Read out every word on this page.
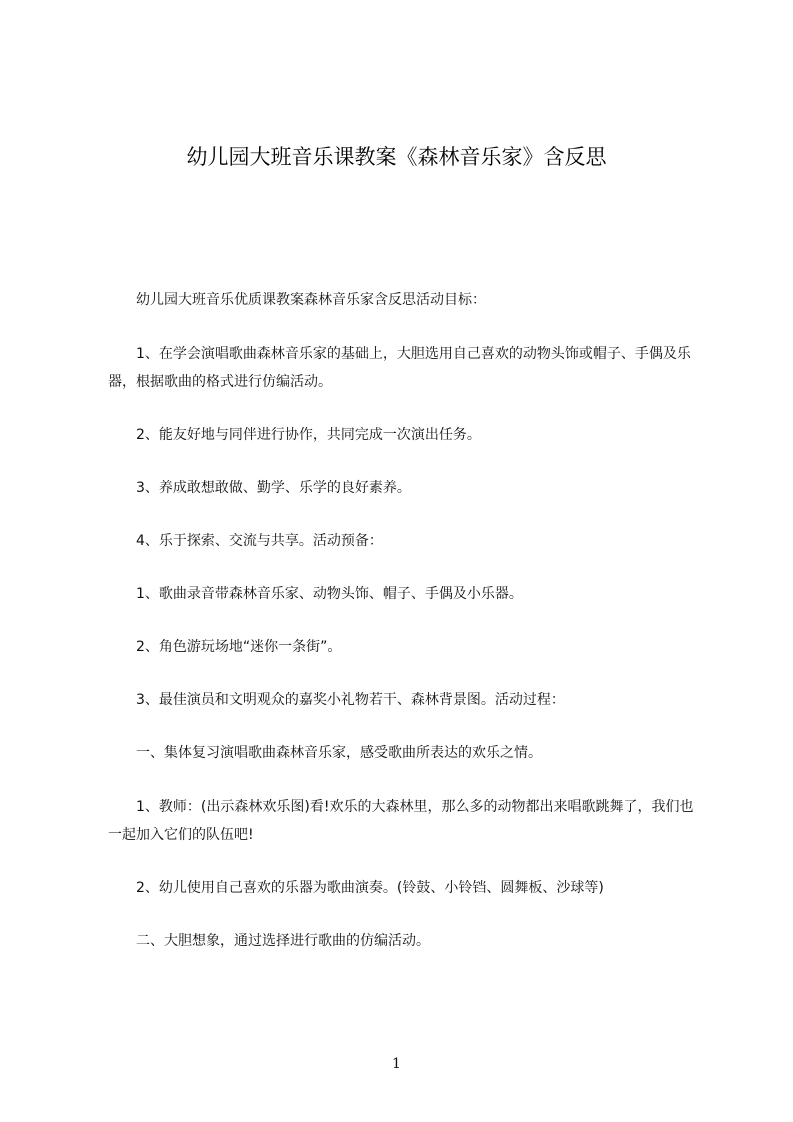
幼儿园大班音乐课教案《森林音乐家》含反思

幼儿园大班音乐优质课教案森林音乐家含反思活动目标：

1、在学会演唱歌曲森林音乐家的基础上，大胆选用自己喜欢的动物头饰或帽子、手偶及乐器，根据歌曲的格式进行仿编活动。

2、能友好地与同伴进行协作，共同完成一次演出任务。

3、养成敢想敢做、勤学、乐学的良好素养。

4、乐于探索、交流与共享。活动预备：

1、歌曲录音带森林音乐家、动物头饰、帽子、手偶及小乐器。

2、角色游玩场地“迷你一条街”。

3、最佳演员和文明观众的嘉奖小礼物若干、森林背景图。活动过程：

一、集体复习演唱歌曲森林音乐家，感受歌曲所表达的欢乐之情。

1、教师：(出示森林欢乐图)看!欢乐的大森林里，那么多的动物都出来唱歌跳舞了，我们也一起加入它们的队伍吧!

2、幼儿使用自己喜欢的乐器为歌曲演奏。(铃鼓、小铃铛、圆舞板、沙球等)

二、大胆想象，通过选择进行歌曲的仿编活动。

1
